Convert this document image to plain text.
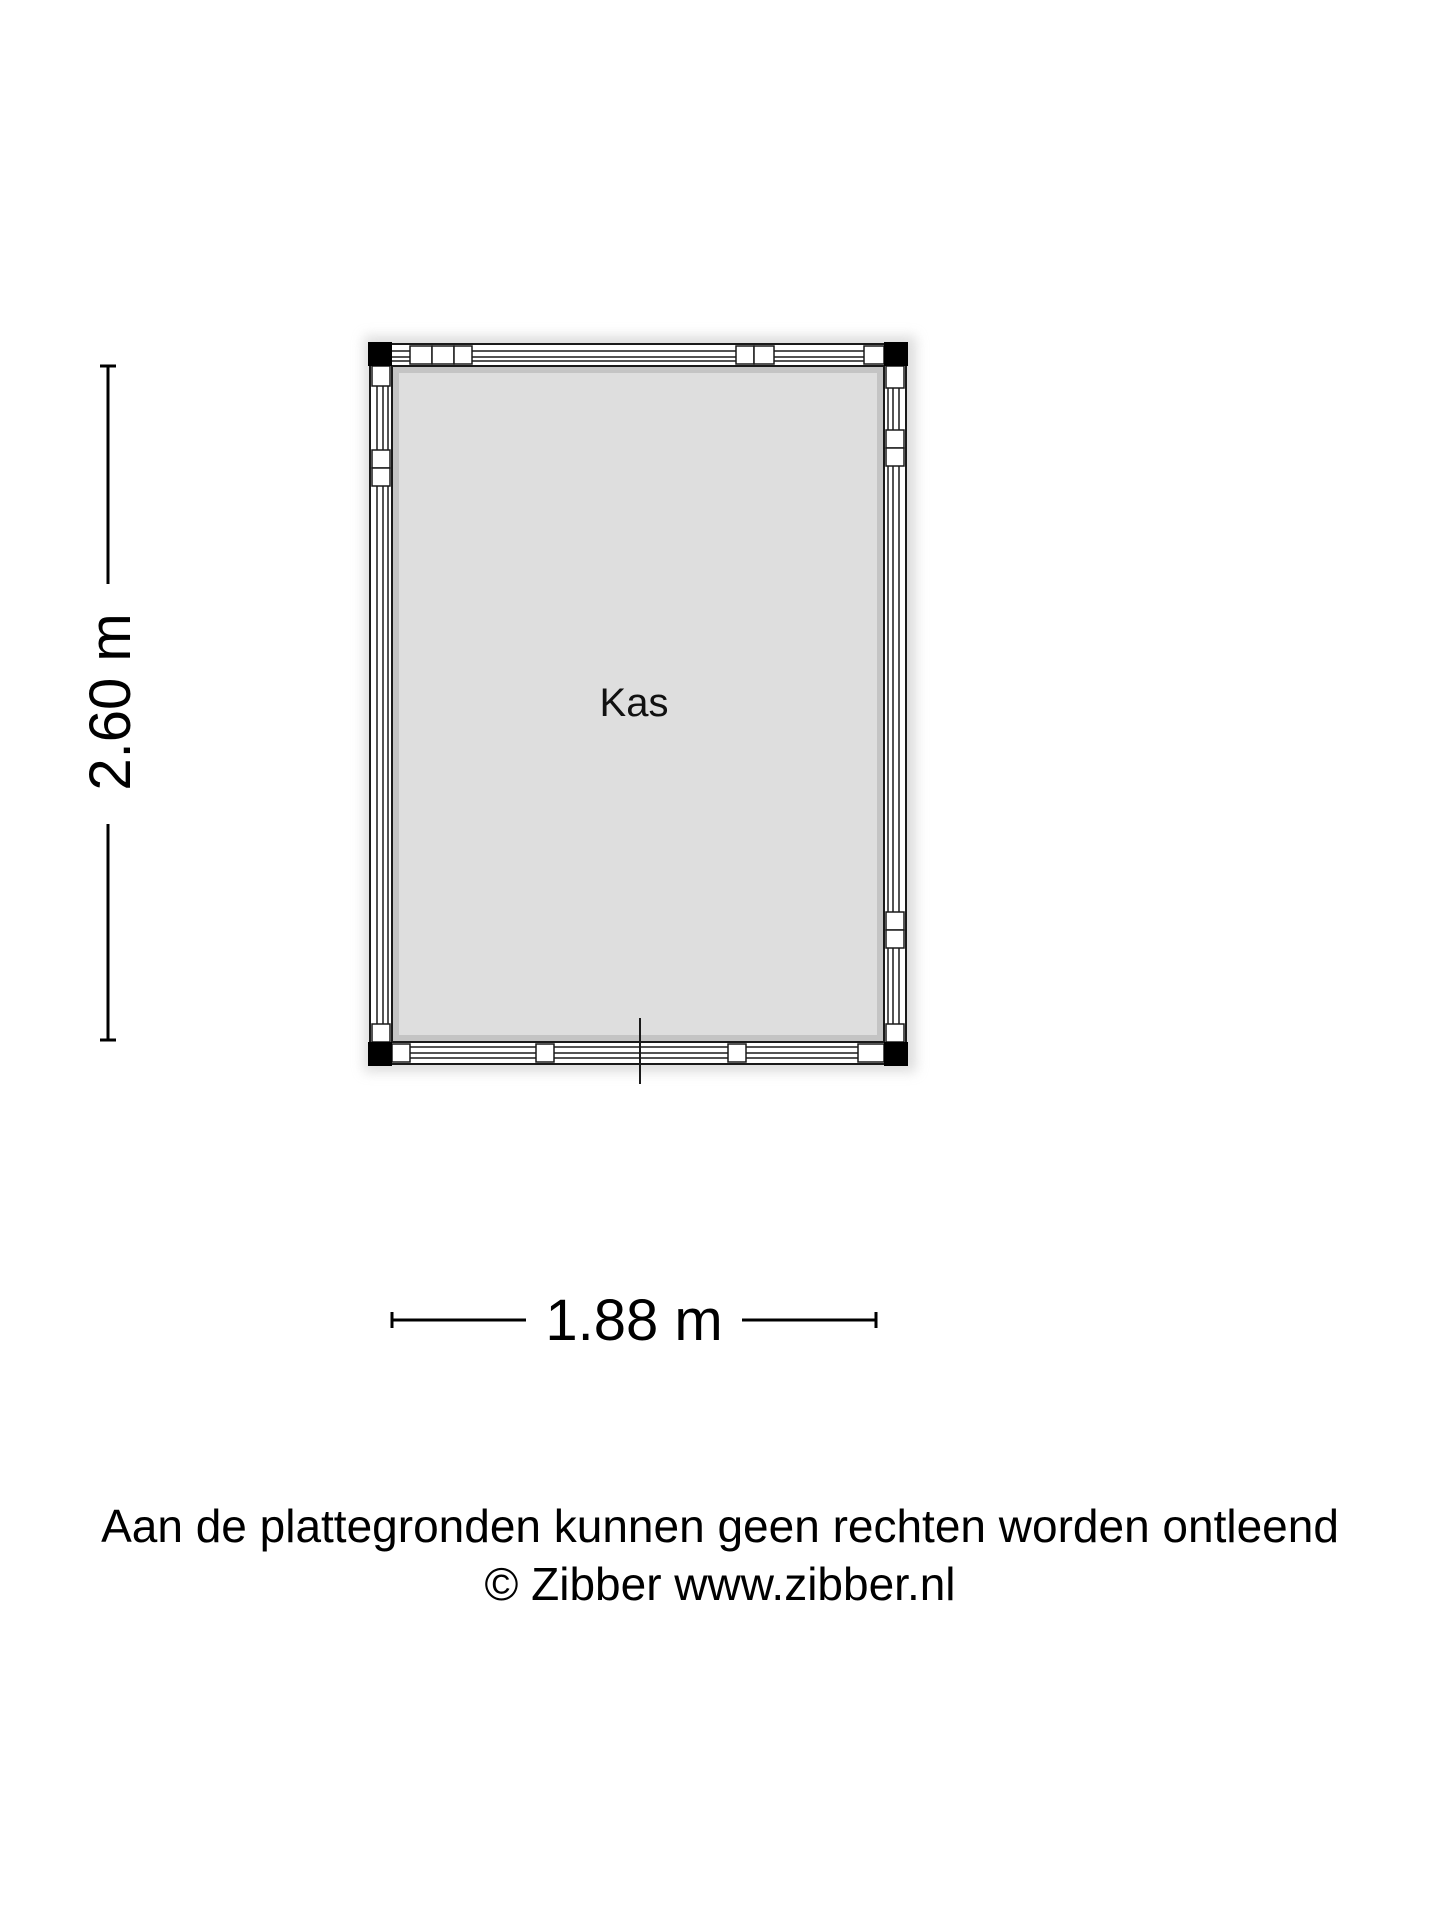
Kas
2.60 m
1.88 m
Aan de plattegronden kunnen geen rechten worden ontleend
© Zibber www.zibber.nl
